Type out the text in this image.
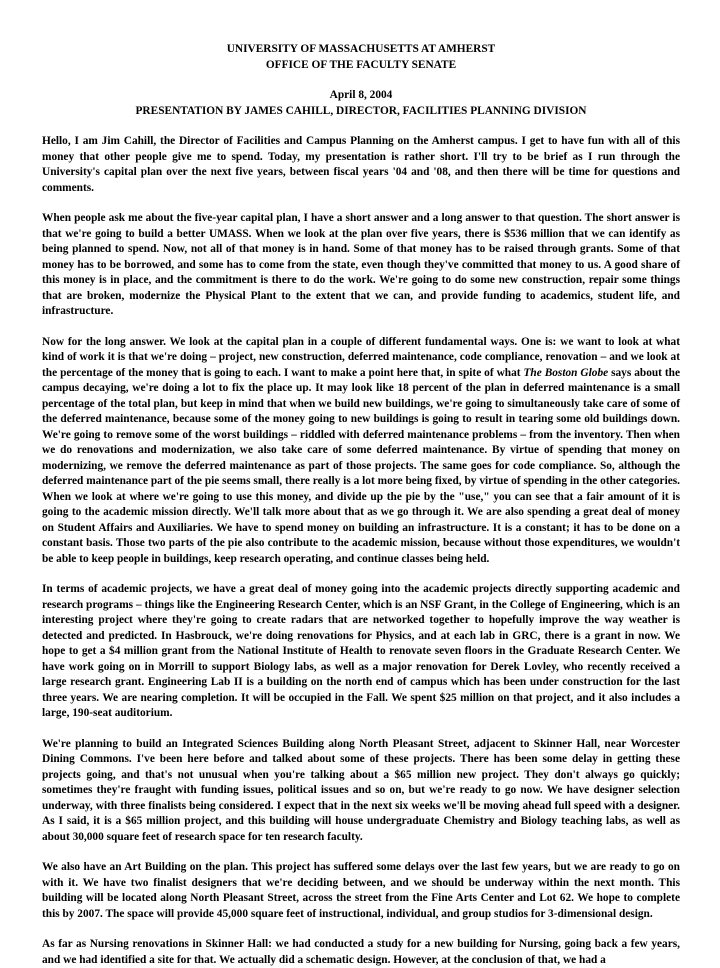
UNIVERSITY OF MASSACHUSETTS AT AMHERST

OFFICE OF THE FACULTY SENATE

April 8, 2004

PRESENTATION BY JAMES CAHILL, DIRECTOR, FACILITIES PLANNING DIVISION

Hello, I am Jim Cahill, the Director of Facilities and Campus Planning on the Amherst campus. I get to have fun with all of this money that other people give me to spend. Today, my presentation is rather short. I'll try to be brief as I run through the University's capital plan over the next five years, between fiscal years '04 and '08, and then there will be time for questions and comments.

When people ask me about the five-year capital plan, I have a short answer and a long answer to that question. The short answer is that we're going to build a better UMASS. When we look at the plan over five years, there is $536 million that we can identify as being planned to spend. Now, not all of that money is in hand. Some of that money has to be raised through grants. Some of that money has to be borrowed, and some has to come from the state, even though they've committed that money to us. A good share of this money is in place, and the commitment is there to do the work. We're going to do some new construction, repair some things that are broken, modernize the Physical Plant to the extent that we can, and provide funding to academics, student life, and infrastructure.

Now for the long answer. We look at the capital plan in a couple of different fundamental ways. One is: we want to look at what kind of work it is that we're doing – project, new construction, deferred maintenance, code compliance, renovation – and we look at the percentage of the money that is going to each. I want to make a point here that, in spite of what The Boston Globe says about the campus decaying, we're doing a lot to fix the place up. It may look like 18 percent of the plan in deferred maintenance is a small percentage of the total plan, but keep in mind that when we build new buildings, we're going to simultaneously take care of some of the deferred maintenance, because some of the money going to new buildings is going to result in tearing some old buildings down. We're going to remove some of the worst buildings – riddled with deferred maintenance problems – from the inventory. Then when we do renovations and modernization, we also take care of some deferred maintenance. By virtue of spending that money on modernizing, we remove the deferred maintenance as part of those projects. The same goes for code compliance. So, although the deferred maintenance part of the pie seems small, there really is a lot more being fixed, by virtue of spending in the other categories. When we look at where we're going to use this money, and divide up the pie by the "use," you can see that a fair amount of it is going to the academic mission directly. We'll talk more about that as we go through it. We are also spending a great deal of money on Student Affairs and Auxiliaries. We have to spend money on building an infrastructure. It is a constant; it has to be done on a constant basis. Those two parts of the pie also contribute to the academic mission, because without those expenditures, we wouldn't be able to keep people in buildings, keep research operating, and continue classes being held.

In terms of academic projects, we have a great deal of money going into the academic projects directly supporting academic and research programs – things like the Engineering Research Center, which is an NSF Grant, in the College of Engineering, which is an interesting project where they're going to create radars that are networked together to hopefully improve the way weather is detected and predicted. In Hasbrouck, we're doing renovations for Physics, and at each lab in GRC, there is a grant in now. We hope to get a $4 million grant from the National Institute of Health to renovate seven floors in the Graduate Research Center. We have work going on in Morrill to support Biology labs, as well as a major renovation for Derek Lovley, who recently received a large research grant. Engineering Lab II is a building on the north end of campus which has been under construction for the last three years. We are nearing completion. It will be occupied in the Fall. We spent $25 million on that project, and it also includes a large, 190-seat auditorium.

We're planning to build an Integrated Sciences Building along North Pleasant Street, adjacent to Skinner Hall, near Worcester Dining Commons. I've been here before and talked about some of these projects. There has been some delay in getting these projects going, and that's not unusual when you're talking about a $65 million new project. They don't always go quickly; sometimes they're fraught with funding issues, political issues and so on, but we're ready to go now. We have designer selection underway, with three finalists being considered. I expect that in the next six weeks we'll be moving ahead full speed with a designer. As I said, it is a $65 million project, and this building will house undergraduate Chemistry and Biology teaching labs, as well as about 30,000 square feet of research space for ten research faculty.

We also have an Art Building on the plan. This project has suffered some delays over the last few years, but we are ready to go on with it. We have two finalist designers that we're deciding between, and we should be underway within the next month. This building will be located along North Pleasant Street, across the street from the Fine Arts Center and Lot 62. We hope to complete this by 2007. The space will provide 45,000 square feet of instructional, individual, and group studios for 3-dimensional design.

As far as Nursing renovations in Skinner Hall: we had conducted a study for a new building for Nursing, going back a few years, and we had identified a site for that. We actually did a schematic design. However, at the conclusion of that, we had a
